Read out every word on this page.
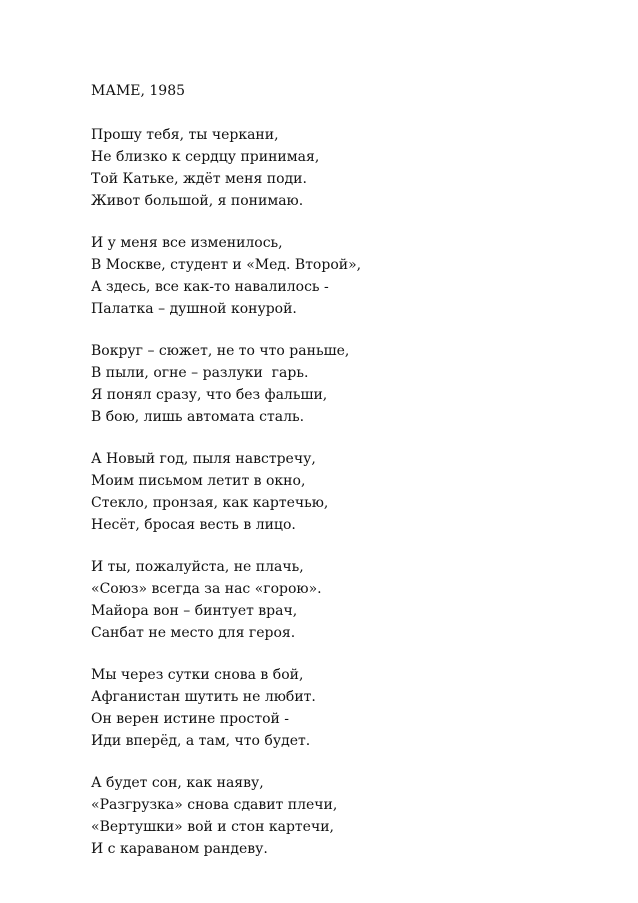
МАМЕ, 1985
Прошу тебя, ты черкани,
Не близко к сердцу принимая,
Той Катьке, ждёт меня поди.
Живот большой, я понимаю.
И у меня все изменилось,
В Москве, студент и «Мед. Второй»,
А здесь, все как-то навалилось -
Палатка – душной конурой.
Вокруг – сюжет, не то что раньше,
В пыли, огне – разлуки  гарь.
Я понял сразу, что без фальши,
В бою, лишь автомата сталь.
А Новый год, пыля навстречу,
Моим письмом летит в окно,
Стекло, пронзая, как картечью,
Несёт, бросая весть в лицо.
И ты, пожалуйста, не плачь,
«Союз» всегда за нас «горою».
Майора вон – бинтует врач,
Санбат не место для героя.
Мы через сутки снова в бой,
Афганистан шутить не любит.
Он верен истине простой -
Иди вперёд, а там, что будет.
А будет сон, как наяву,
«Разгрузка» снова сдавит плечи,
«Вертушки» вой и стон картечи,
И с караваном рандеву.
